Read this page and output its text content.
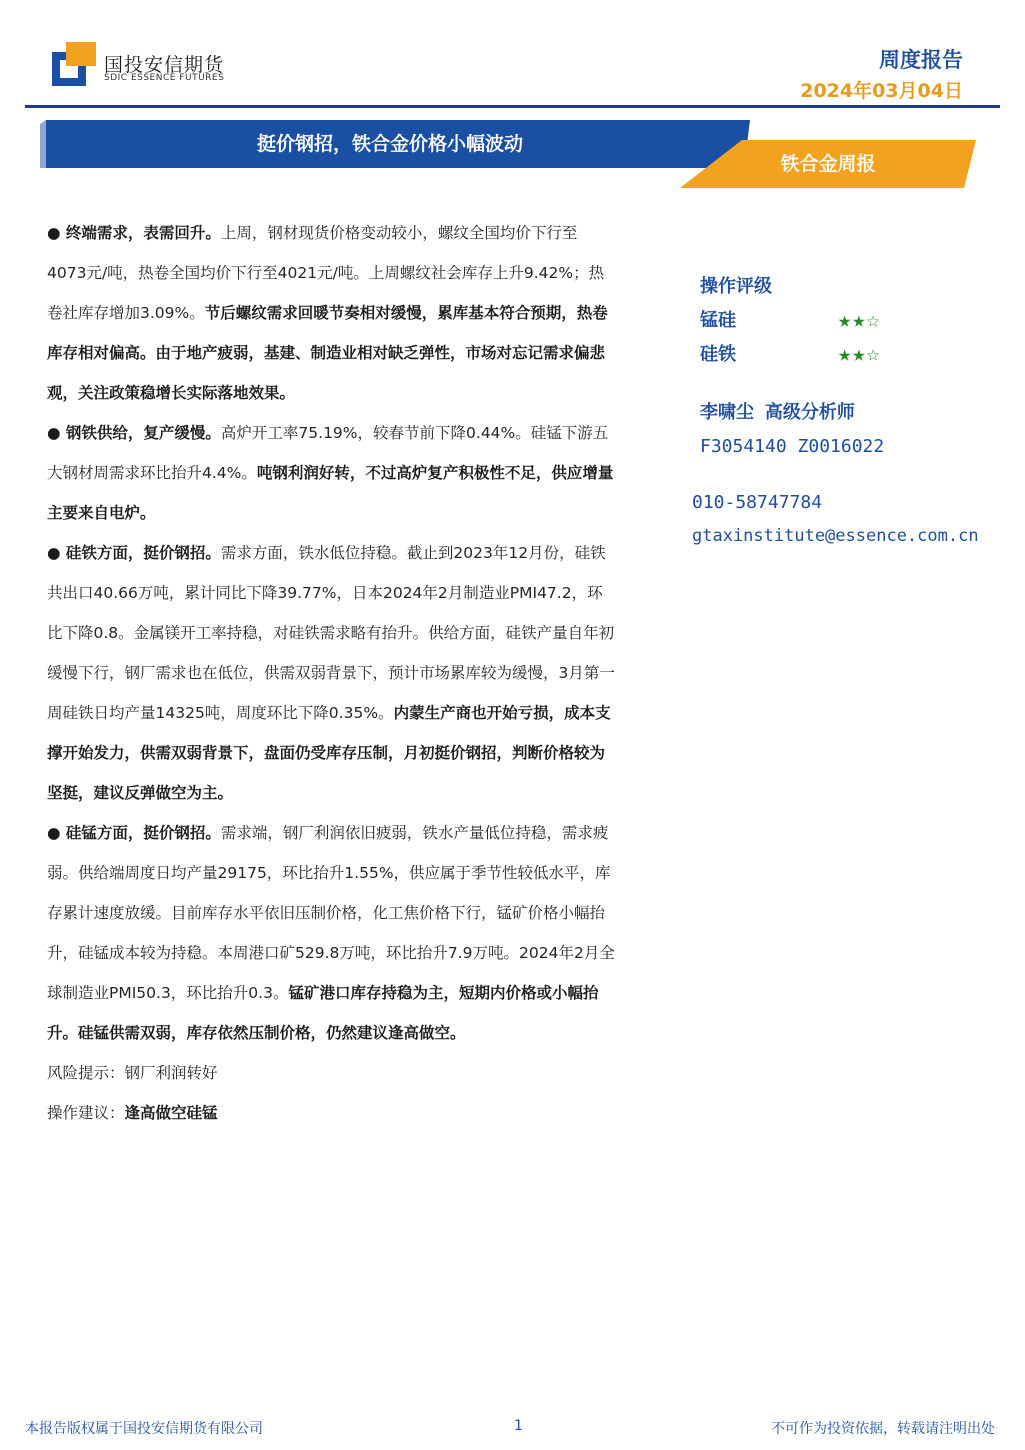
国投安信期货
SDIC ESSENCE FUTURES
周度报告
2024年03月04日
挺价钢招，铁合金价格小幅波动
铁合金周报

● 终端需求，表需回升。上周，钢材现货价格变动较小，螺纹全国均价下行至4073元/吨，热卷全国均价下行至4021元/吨。上周螺纹社会库存上升9.42%；热卷社库存增加3.09%。节后螺纹需求回暖节奏相对缓慢，累库基本符合预期，热卷库存相对偏高。由于地产疲弱，基建、制造业相对缺乏弹性，市场对忘记需求偏悲观，关注政策稳增长实际落地效果。

● 钢铁供给，复产缓慢。高炉开工率75.19%，较春节前下降0.44%。硅锰下游五大钢材周需求环比抬升4.4%。吨钢利润好转，不过高炉复产积极性不足，供应增量主要来自电炉。

● 硅铁方面，挺价钢招。需求方面，铁水低位持稳。截止到2023年12月份，硅铁共出口40.66万吨，累计同比下降39.77%，日本2024年2月制造业PMI47.2，环比下降0.8。金属镁开工率持稳，对硅铁需求略有抬升。供给方面，硅铁产量自年初缓慢下行，钢厂需求也在低位，供需双弱背景下，预计市场累库较为缓慢，3月第一周硅铁日均产量14325吨，周度环比下降0.35%。内蒙生产商也开始亏损，成本支撑开始发力，供需双弱背景下，盘面仍受库存压制，月初挺价钢招，判断价格较为坚挺，建议反弹做空为主。

● 硅锰方面，挺价钢招。需求端，钢厂利润依旧疲弱，铁水产量低位持稳，需求疲弱。供给端周度日均产量29175，环比抬升1.55%，供应属于季节性较低水平，库存累计速度放缓。目前库存水平依旧压制价格，化工焦价格下行，锰矿价格小幅抬升，硅锰成本较为持稳。本周港口矿529.8万吨，环比抬升7.9万吨。2024年2月全球制造业PMI50.3，环比抬升0.3。锰矿港口库存持稳为主，短期内价格或小幅抬升。硅锰供需双弱，库存依然压制价格，仍然建议逢高做空。

风险提示：钢厂利润转好

操作建议：逢高做空硅锰

操作评级
锰硅	★★☆
硅铁	★★☆
李啸尘 高级分析师
F3054140 Z0016022
010-58747784
gtaxinstitute@essence.com.cn
本报告版权属于国投安信期货有限公司	1	不可作为投资依据，转载请注明出处
